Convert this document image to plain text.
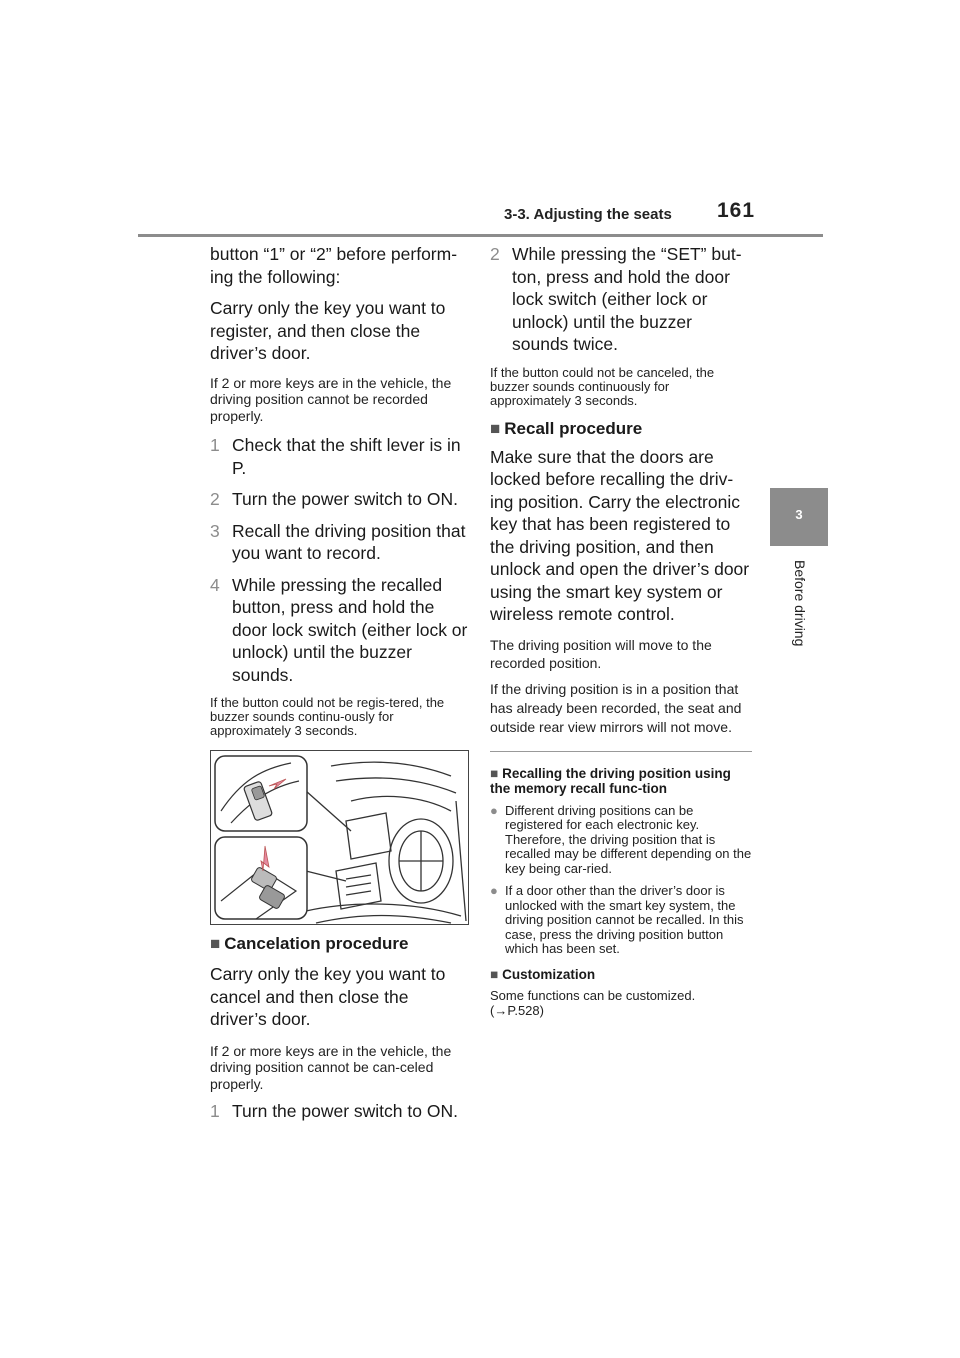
3-3. Adjusting the seats 161
3
Before driving

button “1” or “2” before perform-ing the following:

Carry only the key you want to register, and then close the driver’s door.

If 2 or more keys are in the vehicle, the driving position cannot be recorded properly.

1 Check that the shift lever is in P.
2 Turn the power switch to ON.
3 Recall the driving position that you want to record.
4 While pressing the recalled button, press and hold the door lock switch (either lock or unlock) until the buzzer sounds.

If the button could not be regis-tered, the buzzer sounds continu-ously for approximately 3 seconds.

■ Cancelation procedure

Carry only the key you want to cancel and then close the driver’s door.

If 2 or more keys are in the vehicle, the driving position cannot be can-celed properly.

1 Turn the power switch to ON.
2 While pressing the “SET” but-ton, press and hold the door lock switch (either lock or unlock) until the buzzer sounds twice.

If the button could not be canceled, the buzzer sounds continuously for approximately 3 seconds.

■ Recall procedure

Make sure that the doors are locked before recalling the driv-ing position. Carry the electronic key that has been registered to the driving position, and then unlock and open the driver’s door using the smart key system or wireless remote control.

The driving position will move to the recorded position.

If the driving position is in a position that has already been recorded, the seat and outside rear view mirrors will not move.

■ Recalling the driving position using the memory recall func-tion

● Different driving positions can be registered for each electronic key. Therefore, the driving position that is recalled may be different depending on the key being car-ried.
● If a door other than the driver’s door is unlocked with the smart key system, the driving position cannot be recalled. In this case, press the driving position button which has been set.

■ Customization

Some functions can be customized.
(→P.528)
